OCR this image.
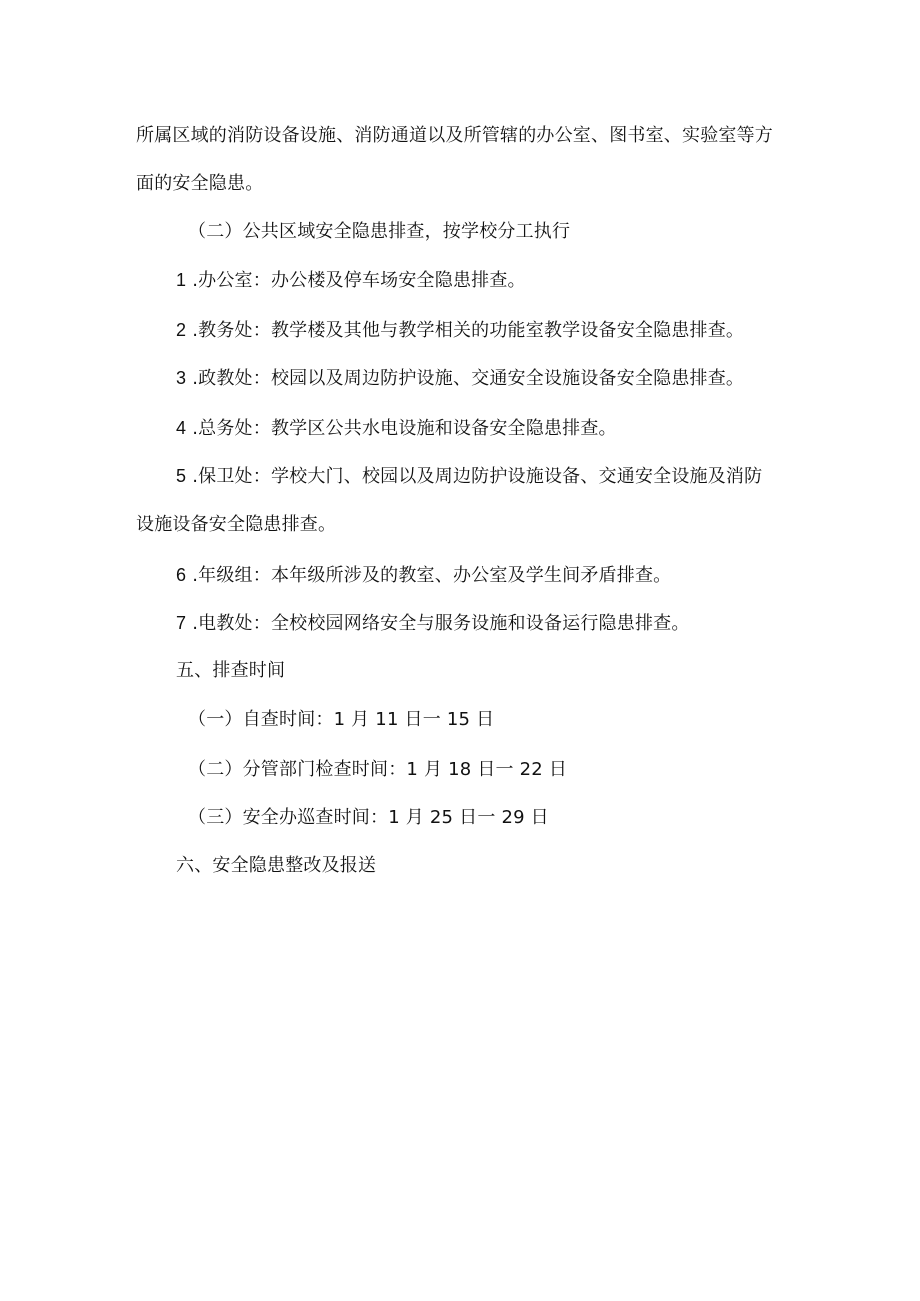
所属区域的消防设备设施、消防通道以及所管辖的办公室、图书室、实验室等方
面的安全隐患。
（二）公共区域安全隐患排查，按学校分工执行
1 .办公室：办公楼及停车场安全隐患排查。
2 .教务处：教学楼及其他与教学相关的功能室教学设备安全隐患排查。
3 .政教处：校园以及周边防护设施、交通安全设施设备安全隐患排查。
4 .总务处：教学区公共水电设施和设备安全隐患排查。
5 .保卫处：学校大门、校园以及周边防护设施设备、交通安全设施及消防
设施设备安全隐患排查。
6 .年级组：本年级所涉及的教室、办公室及学生间矛盾排查。
7 .电教处：全校校园网络安全与服务设施和设备运行隐患排查。
五、排查时间
（一）自查时间：1 月 11 日一 15 日
（二）分管部门检查时间：1 月 18 日一 22 日
（三）安全办巡查时间：1 月 25 日一 29 日
六、安全隐患整改及报送
